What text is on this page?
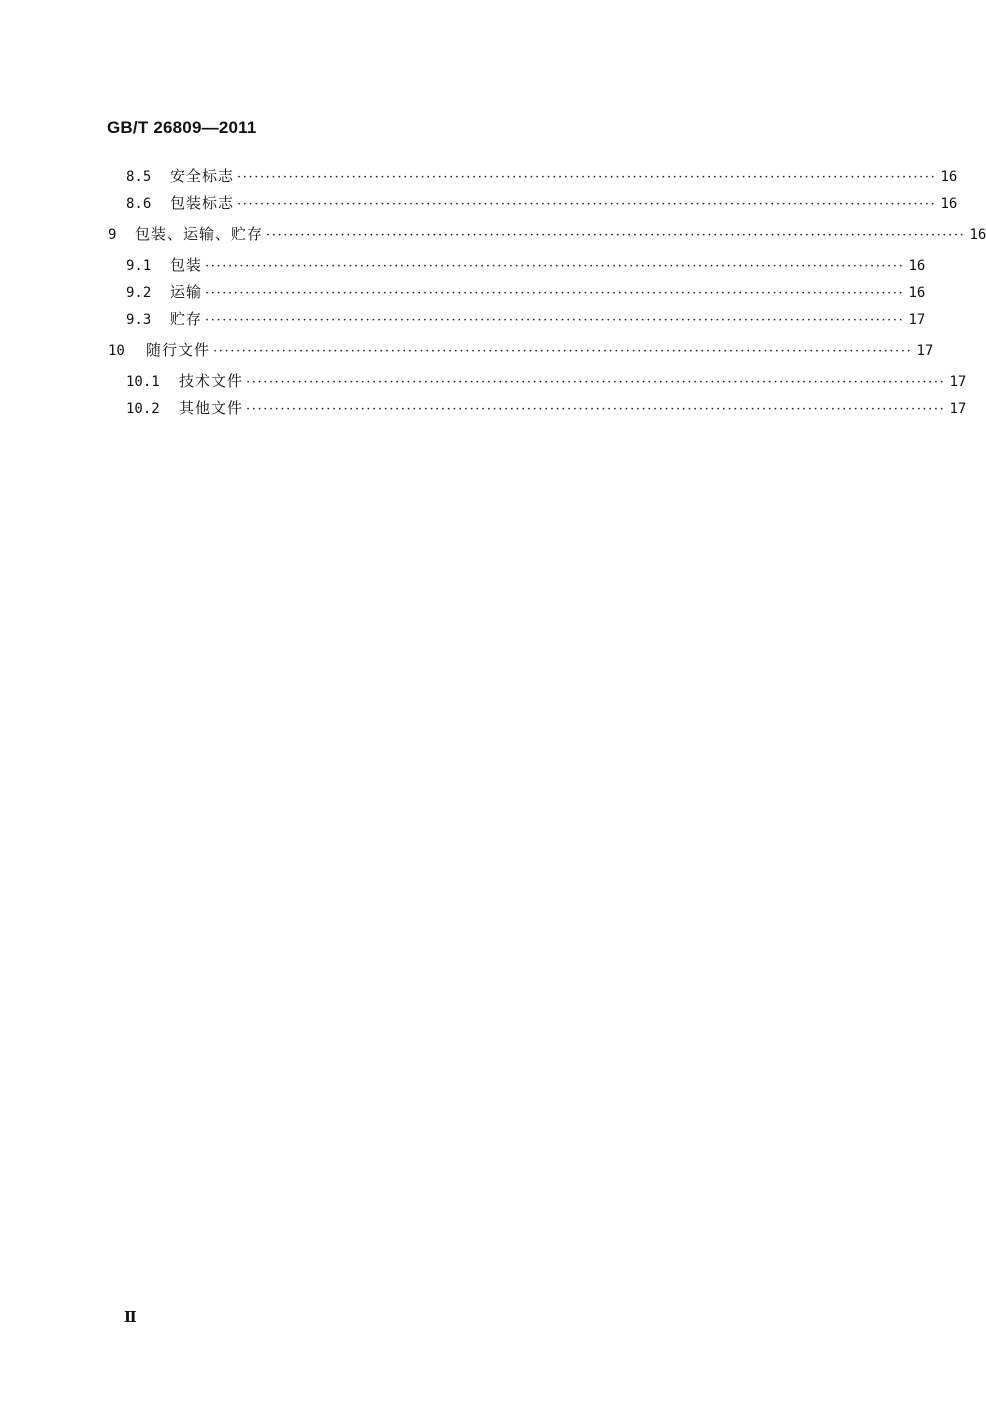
GB/T 26809—2011
8.5	安全标志 ·························································································································· 16
8.6	包装标志 ·························································································································· 16
9	包装、运输、贮存 ·························································································································· 16
9.1	包装 ·························································································································· 16
9.2	运输 ·························································································································· 16
9.3	贮存 ·························································································································· 17
10	随行文件 ·························································································································· 17
10.1	技术文件 ·························································································································· 17
10.2	其他文件 ·························································································································· 17
Ⅱ
